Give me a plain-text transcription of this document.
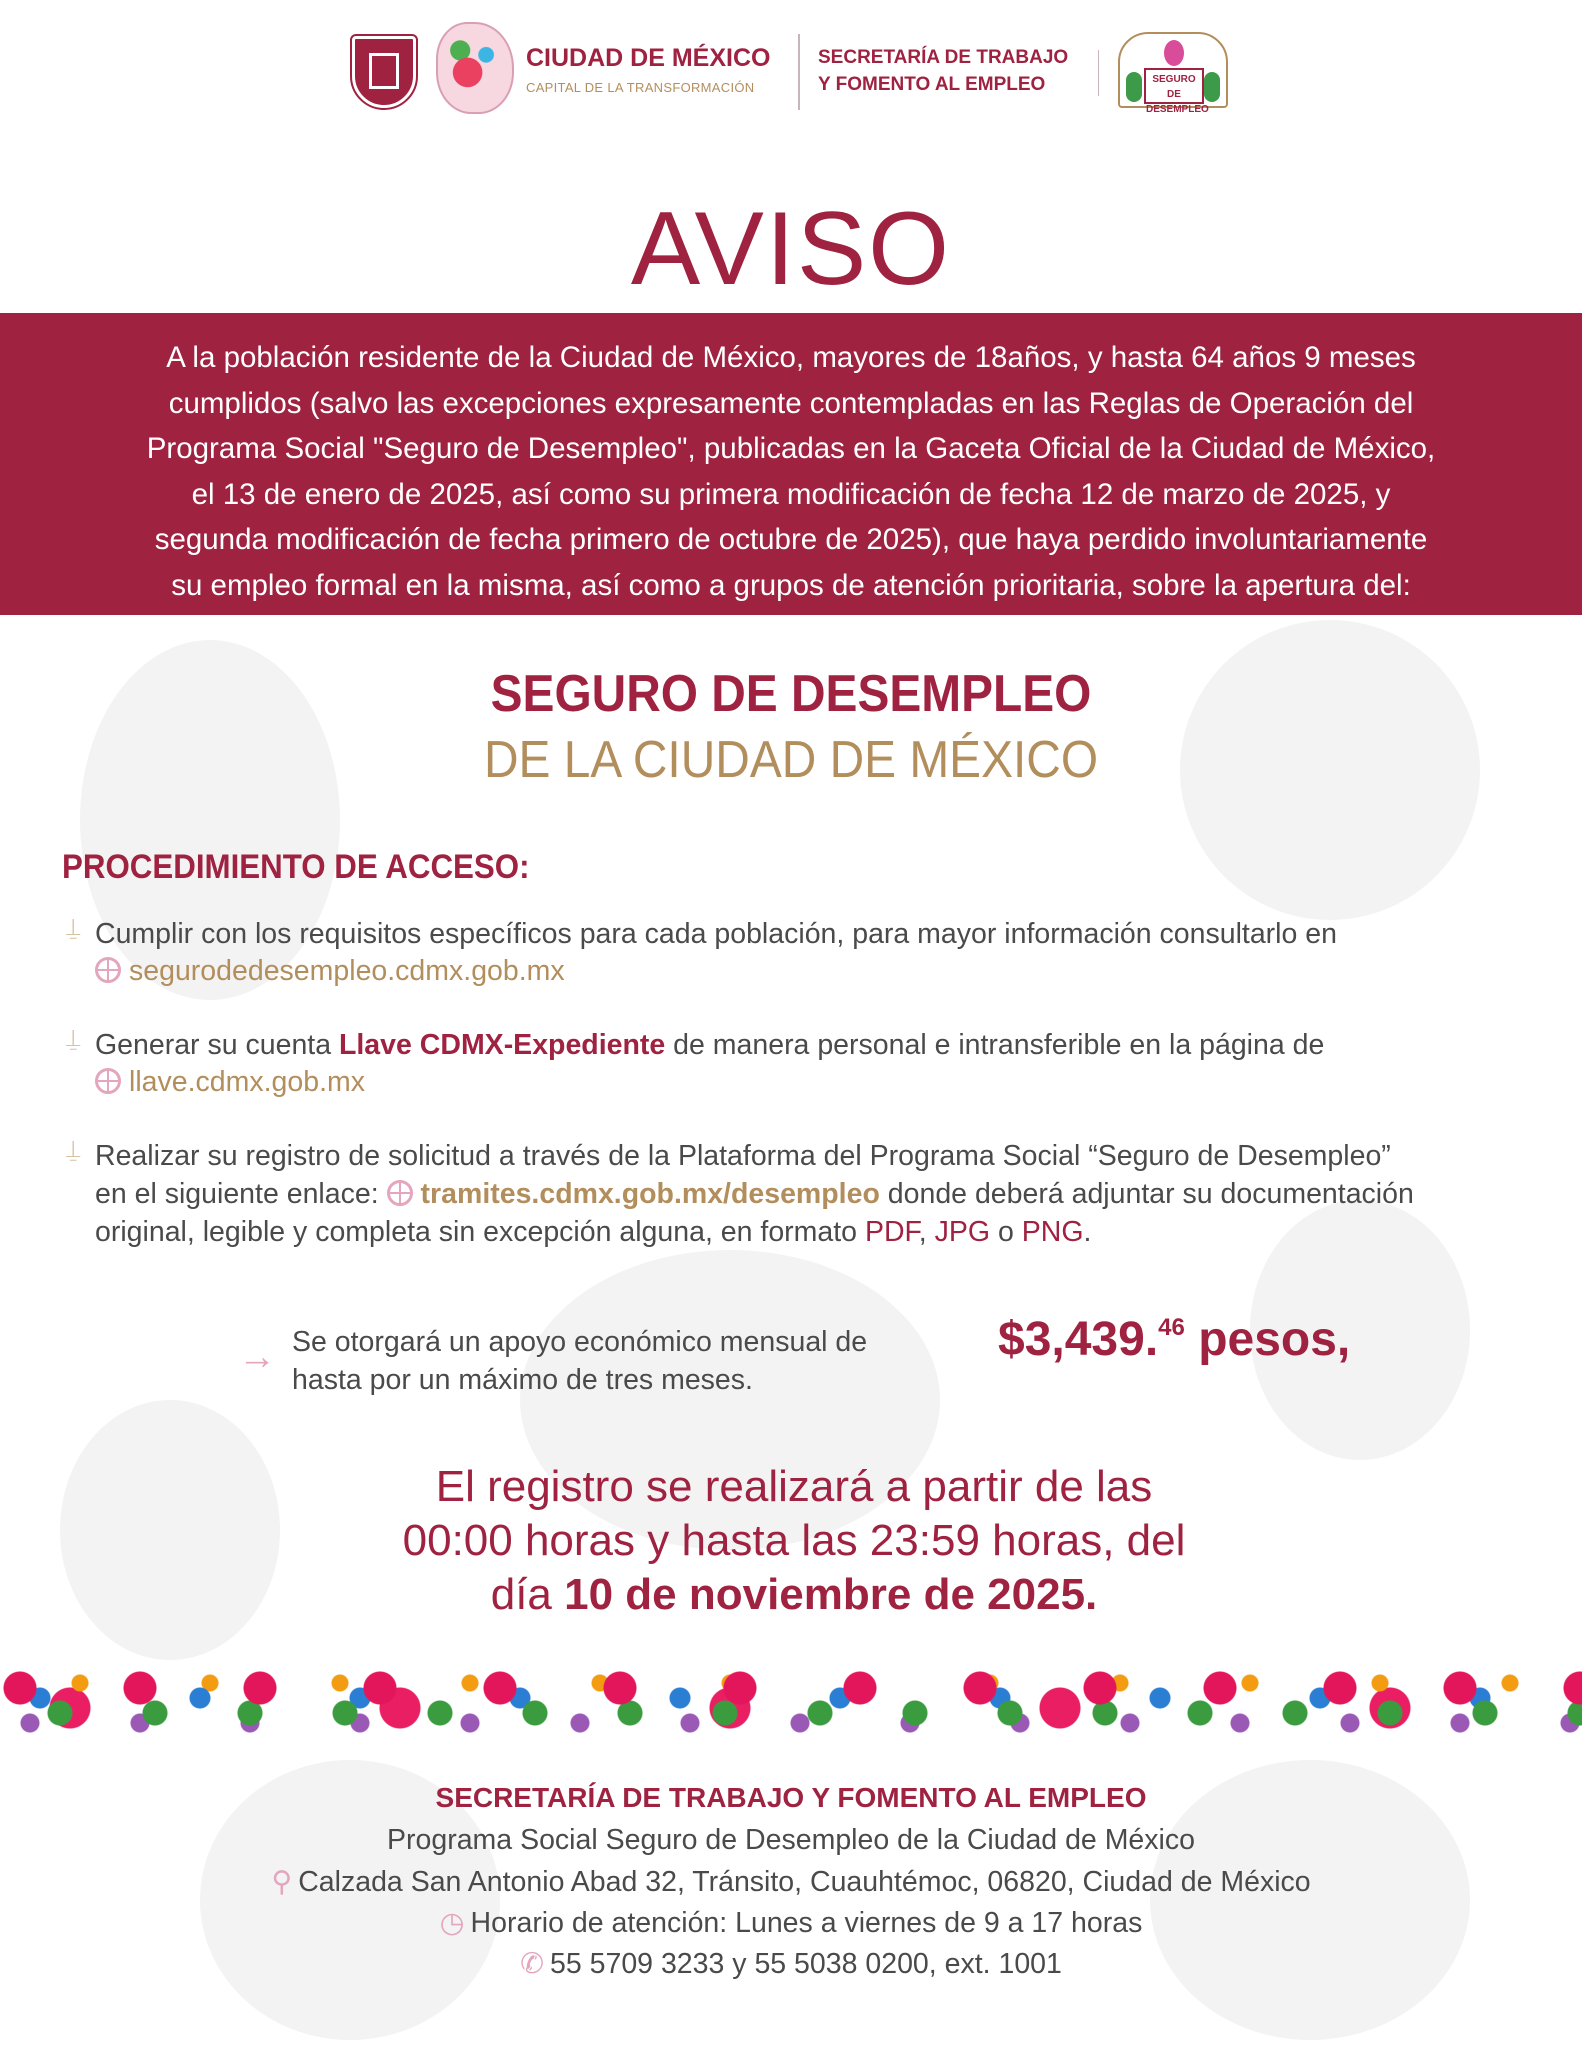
CIUDAD DE MÉXICO
CAPITAL DE LA TRANSFORMACIÓN
SECRETARÍA DE TRABAJO
Y FOMENTO AL EMPLEO	SEGURO DE DESEMPLEO
AVISO
A la población residente de la Ciudad de México, mayores de 18años, y hasta 64 años 9 meses
cumplidos (salvo las excepciones expresamente contempladas en las Reglas de Operación del
Programa Social "Seguro de Desempleo", publicadas en la Gaceta Oficial de la Ciudad de México,
el 13 de enero de 2025, así como su primera modificación de fecha 12 de marzo de 2025, y
segunda modificación de fecha primero de octubre de 2025), que haya perdido involuntariamente
su empleo formal en la misma, así como a grupos de atención prioritaria, sobre la apertura del:
SEGURO DE DESEMPLEO
DE LA CIUDAD DE MÉXICO
PROCEDIMIENTO DE ACCESO:
⍊ Cumplir con los requisitos específicos para cada población, para mayor información consultarlo en
segurodedesempleo.cdmx.gob.mx
⍊ Generar su cuenta Llave CDMX-Expediente de manera personal e intransferible en la página de
llave.cdmx.gob.mx
⍊ Realizar su registro de solicitud a través de la Plataforma del Programa Social “Seguro de Desempleo”
en el siguiente enlace: tramites.cdmx.gob.mx/desempleo donde deberá adjuntar su documentación
original, legible y completa sin excepción alguna, en formato PDF, JPG o PNG.
→ Se otorgará un apoyo económico mensual de
hasta por un máximo de tres meses.
$3,439.46 pesos,
El registro se realizará a partir de las
00:00 horas y hasta las 23:59 horas, del
día 10 de noviembre de 2025.
SECRETARÍA DE TRABAJO Y FOMENTO AL EMPLEO
Programa Social Seguro de Desempleo de la Ciudad de México
⚲ Calzada San Antonio Abad 32, Tránsito, Cuauhtémoc, 06820, Ciudad de México
◷ Horario de atención: Lunes a viernes de 9 a 17 horas
✆ 55 5709 3233 y 55 5038 0200, ext. 1001
